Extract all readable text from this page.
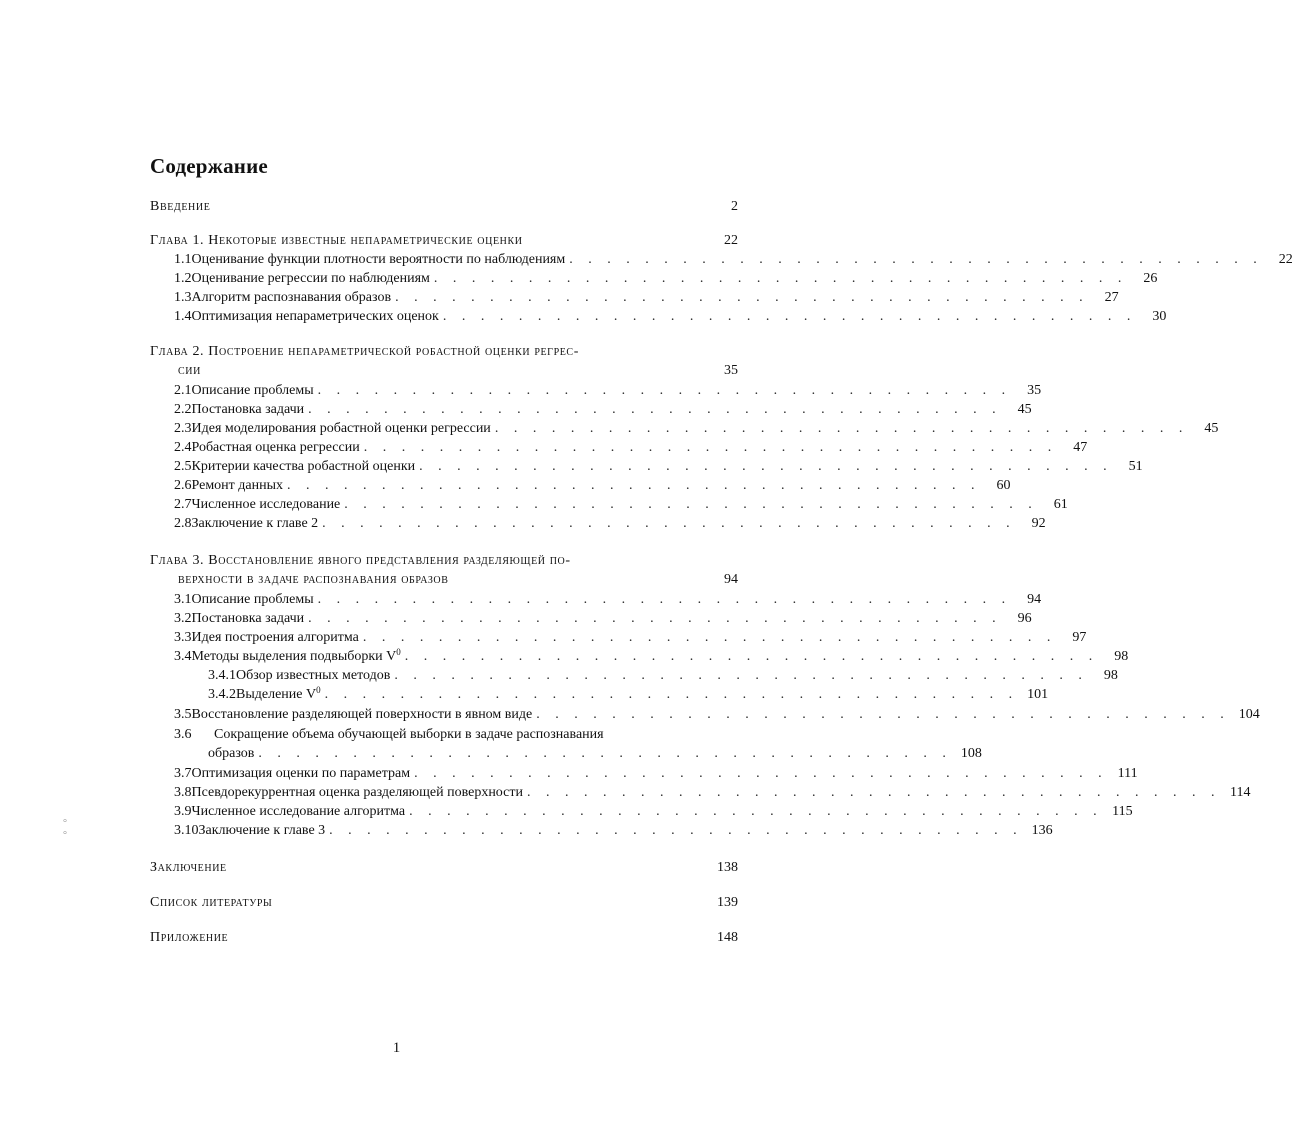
Содержание
Введение	2
Глава 1. Некоторые известные непараметрические оценки	22
1.1 Оценивание функции плотности вероятности по наблюдениям . . . . . . . . . . . . . . . . . . . . . . . . . . . . . . . . . . . . .	22
1.2 Оценивание регрессии по наблюдениям . . . . . . . . . . . . . . . . . . . . . . . . . . . . . . . . . . . . .	26
1.3 Алгоритм распознавания образов . . . . . . . . . . . . . . . . . . . . . . . . . . . . . . . . . . . . .	27
1.4 Оптимизация непараметрических оценок . . . . . . . . . . . . . . . . . . . . . . . . . . . . . . . . . . . . .	30
Глава 2. Построение непараметрической робастной оценки регрес-
сии	35
2.1 Описание проблемы . . . . . . . . . . . . . . . . . . . . . . . . . . . . . . . . . . . . .	35
2.2 Постановка задачи . . . . . . . . . . . . . . . . . . . . . . . . . . . . . . . . . . . . .	45
2.3 Идея моделирования робастной оценки регрессии . . . . . . . . . . . . . . . . . . . . . . . . . . . . . . . . . . . . .	45
2.4 Робастная оценка регрессии . . . . . . . . . . . . . . . . . . . . . . . . . . . . . . . . . . . . .	47
2.5 Критерии качества робастной оценки . . . . . . . . . . . . . . . . . . . . . . . . . . . . . . . . . . . . .	51
2.6 Ремонт данных . . . . . . . . . . . . . . . . . . . . . . . . . . . . . . . . . . . . .	60
2.7 Численное исследование . . . . . . . . . . . . . . . . . . . . . . . . . . . . . . . . . . . . .	61
2.8 Заключение к главе 2 . . . . . . . . . . . . . . . . . . . . . . . . . . . . . . . . . . . . .	92
Глава 3. Восстановление явного представления разделяющей по-
верхности в задаче распознавания образов	94
3.1 Описание проблемы . . . . . . . . . . . . . . . . . . . . . . . . . . . . . . . . . . . . .	94
3.2 Постановка задачи . . . . . . . . . . . . . . . . . . . . . . . . . . . . . . . . . . . . .	96
3.3 Идея построения алгоритма . . . . . . . . . . . . . . . . . . . . . . . . . . . . . . . . . . . . .	97
3.4 Методы выделения подвыборки $V^0$ . . . . . . . . . . . . . . . . . . . . . . . . . . . . . . . . . . . . .	98
3.4.1 Обзор известных методов . . . . . . . . . . . . . . . . . . . . . . . . . . . . . . . . . . . . .	98
3.4.2 Выделение $V^0$ . . . . . . . . . . . . . . . . . . . . . . . . . . . . . . . . . . . . . 101
3.5 Восстановление разделяющей поверхности в явном виде . . . . . . . . . . . . . . . . . . . . . . . . . . . . . . . . . . . . . 104
3.6	Сокращение объема обучающей выборки в задаче распознавания
образов . . . . . . . . . . . . . . . . . . . . . . . . . . . . . . . . . . . . . 108
3.7 Оптимизация оценки по параметрам . . . . . . . . . . . . . . . . . . . . . . . . . . . . . . . . . . . . . 111
3.8 Псевдорекуррентная оценка разделяющей поверхности . . . . . . . . . . . . . . . . . . . . . . . . . . . . . . . . . . . . . 114
3.9 Численное исследование алгоритма . . . . . . . . . . . . . . . . . . . . . . . . . . . . . . . . . . . . . 115
3.10 Заключение к главе 3 . . . . . . . . . . . . . . . . . . . . . . . . . . . . . . . . . . . . . 136
Заключение	138
Список литературы	139
Приложение	148
1
°
°
